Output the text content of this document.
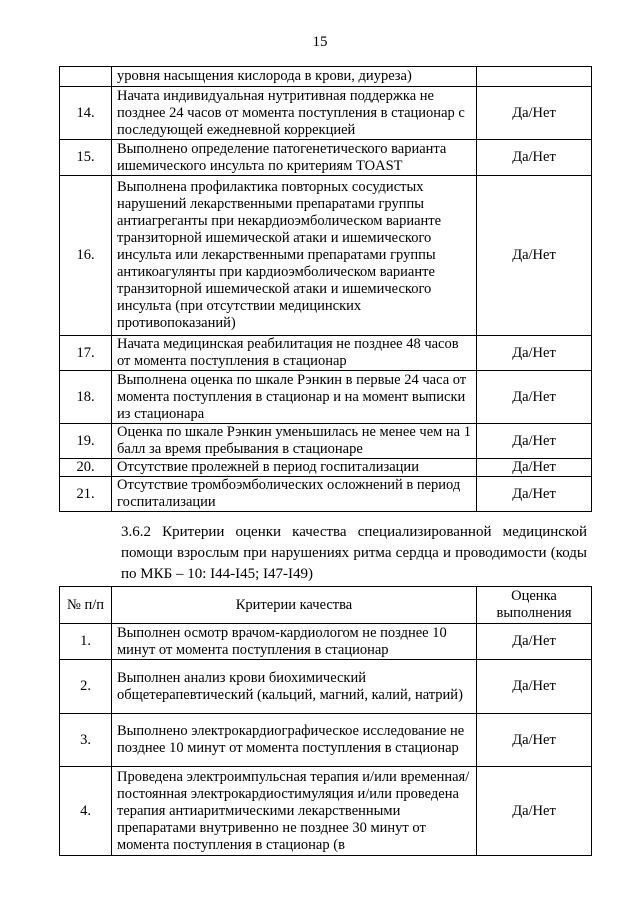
15
	уровня насыщения кислорода в крови, диуреза)	
14.	Начата индивидуальная нутритивная поддержка не позднее 24 часов от момента поступления в стационар с последующей ежедневной коррекцией	Да/Нет
15.	Выполнено определение патогенетического варианта ишемического инсульта по критериям TOAST	Да/Нет
16.	Выполнена профилактика повторных сосудистых нарушений лекарственными препаратами группы антиагреганты при некардиоэмболическом варианте транзиторной ишемической атаки и ишемического инсульта или лекарственными препаратами группы антикоагулянты при кардиоэмболическом варианте транзиторной ишемической атаки и ишемического инсульта (при отсутствии медицинских противопоказаний)	Да/Нет
17.	Начата медицинская реабилитация не позднее 48 часов от момента поступления в стационар	Да/Нет
18.	Выполнена оценка по шкале Рэнкин в первые 24 часа от момента поступления в стационар и на момент выписки из стационара	Да/Нет
19.	Оценка по шкале Рэнкин уменьшилась не менее чем на 1 балл за время пребывания в стационаре	Да/Нет
20.	Отсутствие пролежней в период госпитализации	Да/Нет
21.	Отсутствие тромбоэмболических осложнений в период госпитализации	Да/Нет
3.6.2 Критерии оценки качества специализированной медицинской помощи взрослым при нарушениях ритма сердца и проводимости (коды по МКБ – 10: I44-I45; I47-I49)
№ п/п	Критерии качества	Оценка выполнения
1.	Выполнен осмотр врачом-кардиологом не позднее 10 минут от момента поступления в стационар	Да/Нет
2.	Выполнен анализ крови биохимический общетерапевтический (кальций, магний, калий, натрий)	Да/Нет
3.	Выполнено электрокардиографическое исследование не позднее 10 минут от момента поступления в стационар	Да/Нет
4.	Проведена электроимпульсная терапия и/или временная/постоянная электрокардиостимуляция и/или проведена терапия антиаритмическими лекарственными препаратами внутривенно не позднее 30 минут от момента поступления в стационар (в	Да/Нет
